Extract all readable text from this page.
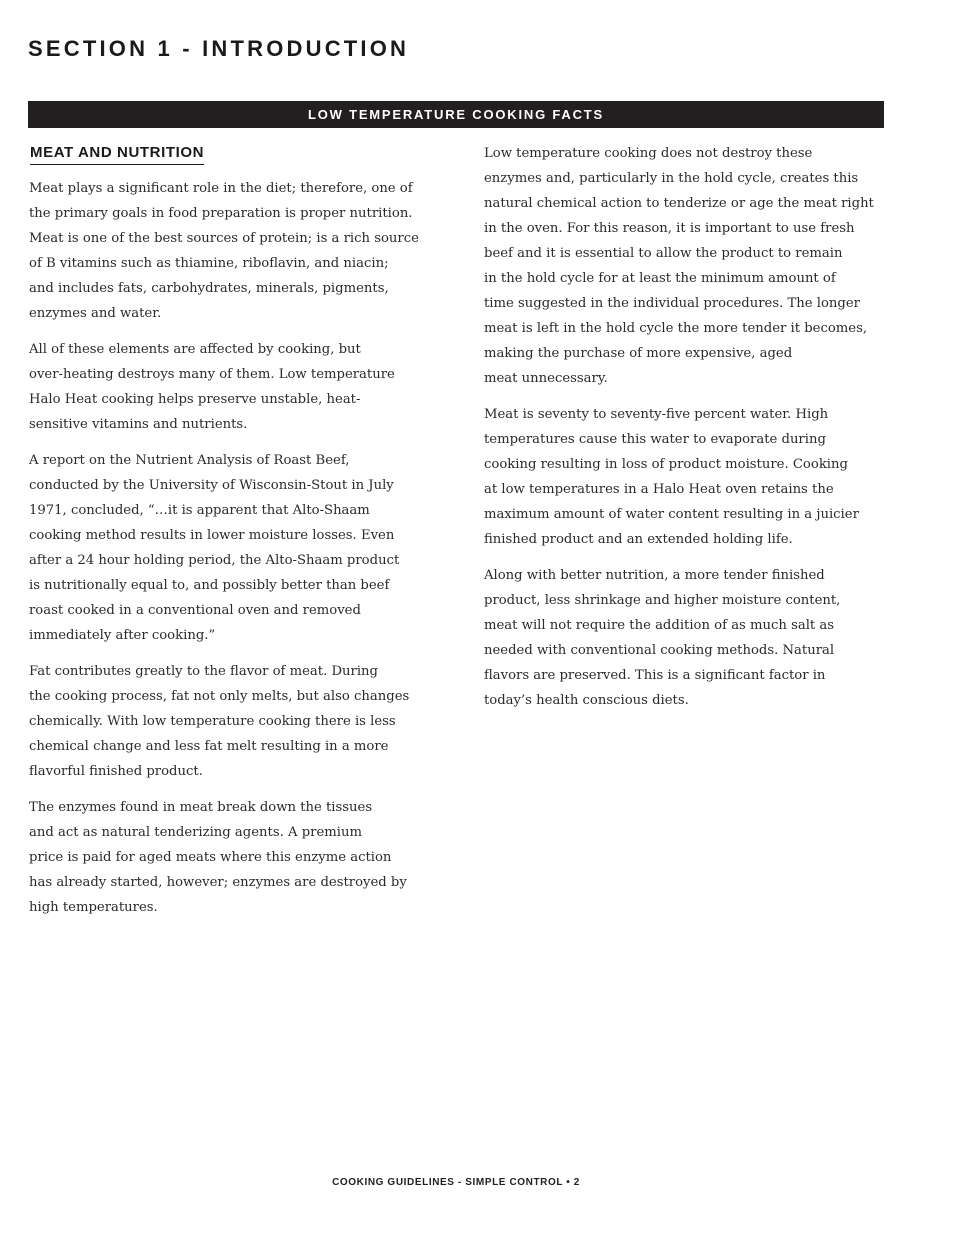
SECTION 1 - INTRODUCTION
LOW TEMPERATURE COOKING FACTS
MEAT AND NUTRITION

Meat plays a significant role in the diet; therefore, one of
the primary goals in food preparation is proper nutrition.
Meat is one of the best sources of protein; is a rich source
of B vitamins such as thiamine, riboflavin, and niacin;
and includes fats, carbohydrates, minerals, pigments,
enzymes and water.

All of these elements are affected by cooking, but
over-heating destroys many of them. Low temperature
Halo Heat cooking helps preserve unstable, heat-
sensitive vitamins and nutrients.

A report on the Nutrient Analysis of Roast Beef,
conducted by the University of Wisconsin-Stout in July
1971, concluded, “…it is apparent that Alto-Shaam
cooking method results in lower moisture losses. Even
after a 24 hour holding period, the Alto-Shaam product
is nutritionally equal to, and possibly better than beef
roast cooked in a conventional oven and removed
immediately after cooking.”

Fat contributes greatly to the flavor of meat. During
the cooking process, fat not only melts, but also changes
chemically. With low temperature cooking there is less
chemical change and less fat melt resulting in a more
flavorful finished product.

The enzymes found in meat break down the tissues
and act as natural tenderizing agents. A premium
price is paid for aged meats where this enzyme action
has already started, however; enzymes are destroyed by
high temperatures.

Low temperature cooking does not destroy these
enzymes and, particularly in the hold cycle, creates this
natural chemical action to tenderize or age the meat right
in the oven. For this reason, it is important to use fresh
beef and it is essential to allow the product to remain
in the hold cycle for at least the minimum amount of
time suggested in the individual procedures. The longer
meat is left in the hold cycle the more tender it becomes,
making the purchase of more expensive, aged
meat unnecessary.

Meat is seventy to seventy-five percent water. High
temperatures cause this water to evaporate during
cooking resulting in loss of product moisture. Cooking
at low temperatures in a Halo Heat oven retains the
maximum amount of water content resulting in a juicier
finished product and an extended holding life.

Along with better nutrition, a more tender finished
product, less shrinkage and higher moisture content,
meat will not require the addition of as much salt as
needed with conventional cooking methods. Natural
flavors are preserved. This is a significant factor in
today’s health conscious diets.

COOKING GUIDELINES - SIMPLE CONTROL • 2
